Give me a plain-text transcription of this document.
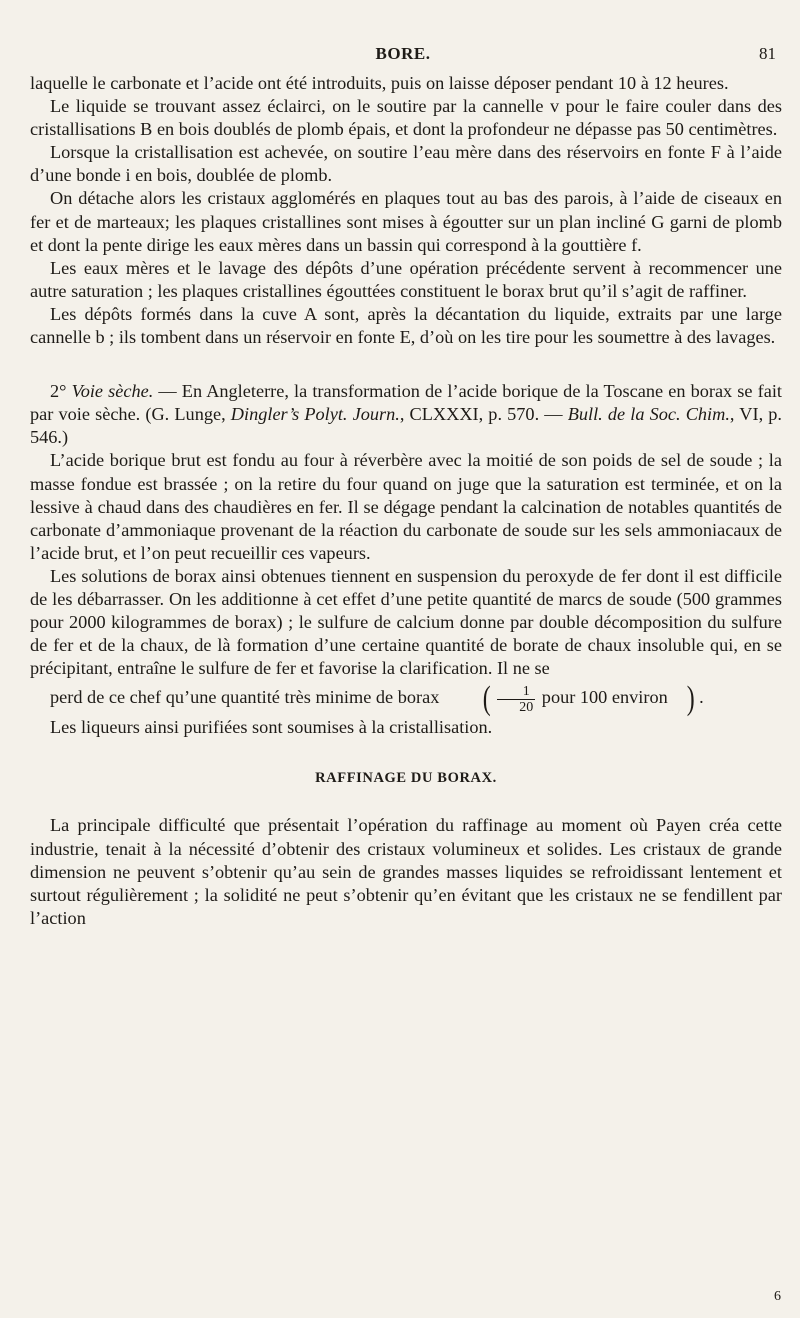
BORE.	81

laquelle le carbonate et l’acide ont été introduits, puis on laisse déposer pendant 10 à 12 heures.

Le liquide se trouvant assez éclairci, on le soutire par la cannelle v pour le faire couler dans des cristallisations B en bois doublés de plomb épais, et dont la profondeur ne dépasse pas 50 centimètres.

Lorsque la cristallisation est achevée, on soutire l’eau mère dans des réservoirs en fonte F à l’aide d’une bonde i en bois, doublée de plomb.

On détache alors les cristaux agglomérés en plaques tout au bas des parois, à l’aide de ciseaux en fer et de marteaux; les plaques cristallines sont mises à égoutter sur un plan incliné G garni de plomb et dont la pente dirige les eaux mères dans un bassin qui correspond à la gouttière f.

Les eaux mères et le lavage des dépôts d’une opération précédente servent à recommencer une autre saturation ; les plaques cristallines égouttées constituent le borax brut qu’il s’agit de raffiner.

Les dépôts formés dans la cuve A sont, après la décantation du liquide, extraits par une large cannelle b ; ils tombent dans un réservoir en fonte E, d’où on les tire pour les soumettre à des lavages.

2° Voie sèche. — En Angleterre, la transformation de l’acide borique de la Toscane en borax se fait par voie sèche. (G. Lunge, Dingler’s Polyt. Journ., CLXXXI, p. 570. — Bull. de la Soc. Chim., VI, p. 546.)

L’acide borique brut est fondu au four à réverbère avec la moitié de son poids de sel de soude ; la masse fondue est brassée ; on la retire du four quand on juge que la saturation est terminée, et on la lessive à chaud dans des chaudières en fer. Il se dégage pendant la calcination de notables quantités de carbonate d’ammoniaque provenant de la réaction du carbonate de soude sur les sels ammoniacaux de l’acide brut, et l’on peut recueillir ces vapeurs.

Les solutions de borax ainsi obtenues tiennent en suspension du peroxyde de fer dont il est difficile de les débarrasser. On les additionne à cet effet d’une petite quantité de marcs de soude (500 grammes pour 2000 kilogrammes de borax) ; le sulfure de calcium donne par double décomposition du sulfure de fer et de la chaux, de là formation d’une certaine quantité de borate de chaux insoluble qui, en se précipitant, entraîne le sulfure de fer et favorise la clarification. Il ne se
perd de ce chef qu’une quantité très minime de borax ( $\frac{1}{20}$ pour 100 environ ) .

Les liqueurs ainsi purifiées sont soumises à la cristallisation.

RAFFINAGE DU BORAX.

La principale difficulté que présentait l’opération du raffinage au moment où Payen créa cette industrie, tenait à la nécessité d’obtenir des cristaux volumineux et solides. Les cristaux de grande dimension ne peuvent s’obtenir qu’au sein de grandes masses liquides se refroidissant lentement et surtout régulièrement ; la solidité ne peut s’obtenir qu’en évitant que les cristaux ne se fendillent par l’action

6
